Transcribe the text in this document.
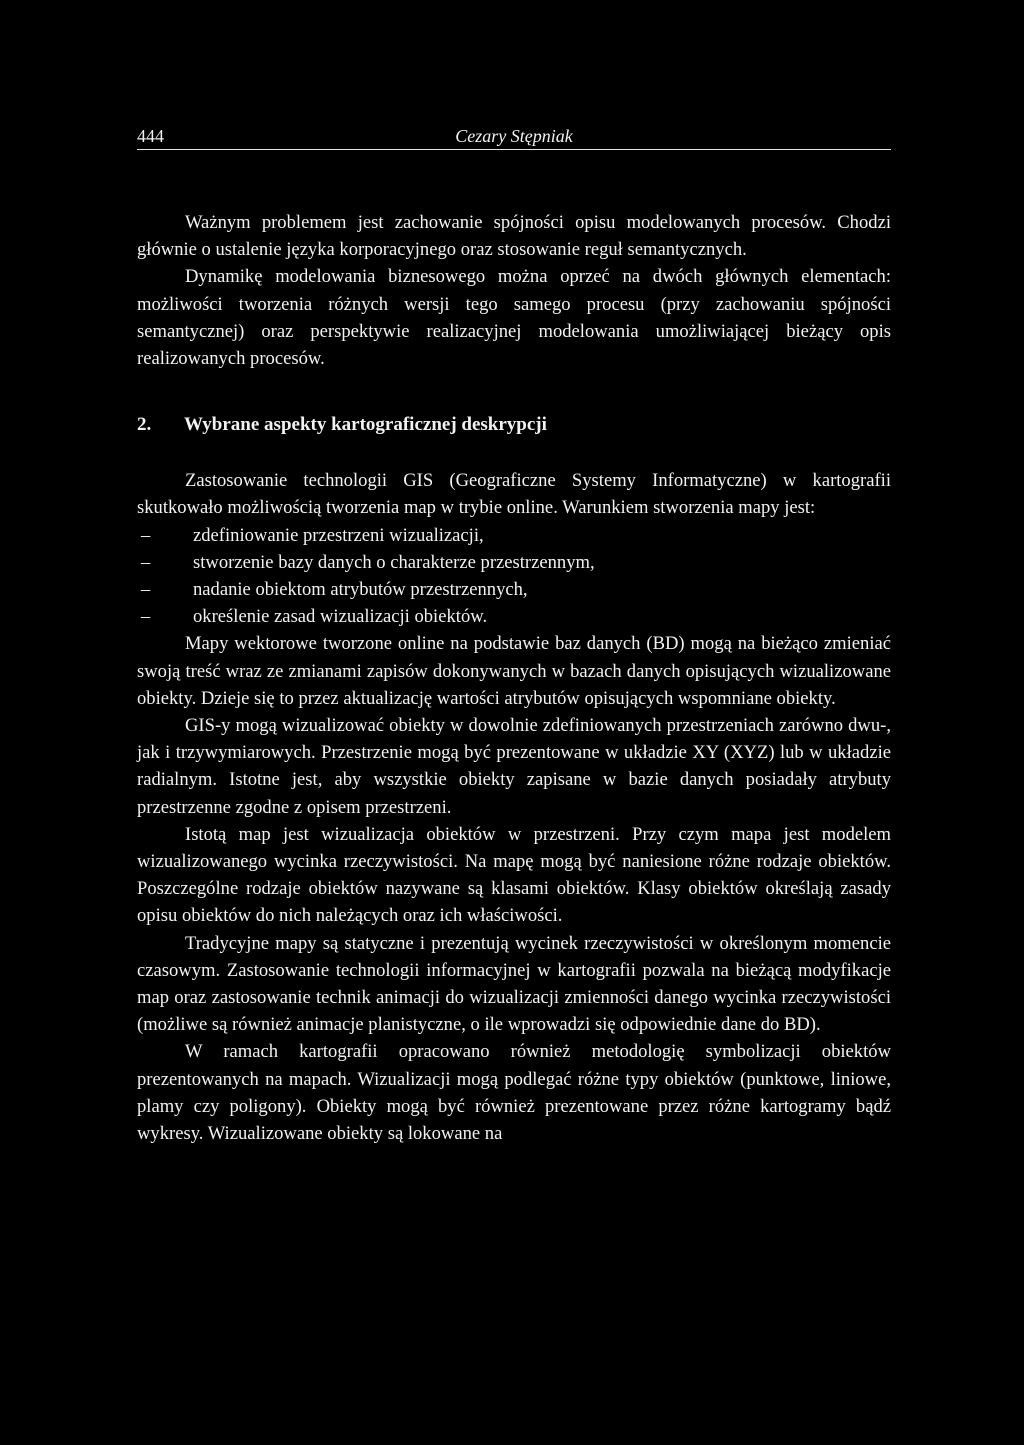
444	Cezary Stępniak

Ważnym problemem jest zachowanie spójności opisu modelowanych procesów. Chodzi głównie o ustalenie języka korporacyjnego oraz stosowanie reguł semantycznych.

Dynamikę modelowania biznesowego można oprzeć na dwóch głównych elementach: możliwości tworzenia różnych wersji tego samego procesu (przy zachowaniu spójności semantycznej) oraz perspektywie realizacyjnej modelowania umożliwiającej bieżący opis realizowanych procesów.

2. Wybrane aspekty kartograficznej deskrypcji

Zastosowanie technologii GIS (Geograficzne Systemy Informatyczne) w kartografii skutkowało możliwością tworzenia map w trybie online. Warunkiem stworzenia mapy jest:

– zdefiniowanie przestrzeni wizualizacji,
– stworzenie bazy danych o charakterze przestrzennym,
– nadanie obiektom atrybutów przestrzennych,
– określenie zasad wizualizacji obiektów.

Mapy wektorowe tworzone online na podstawie baz danych (BD) mogą na bieżąco zmieniać swoją treść wraz ze zmianami zapisów dokonywanych w bazach danych opisujących wizualizowane obiekty. Dzieje się to przez aktualizację wartości atrybutów opisujących wspomniane obiekty.

GIS-y mogą wizualizować obiekty w dowolnie zdefiniowanych przestrzeniach zarówno dwu-, jak i trzywymiarowych. Przestrzenie mogą być prezentowane w układzie XY (XYZ) lub w układzie radialnym. Istotne jest, aby wszystkie obiekty zapisane w bazie danych posiadały atrybuty przestrzenne zgodne z opisem przestrzeni.

Istotą map jest wizualizacja obiektów w przestrzeni. Przy czym mapa jest modelem wizualizowanego wycinka rzeczywistości. Na mapę mogą być naniesione różne rodzaje obiektów. Poszczególne rodzaje obiektów nazywane są klasami obiektów. Klasy obiektów określają zasady opisu obiektów do nich należących oraz ich właściwości.

Tradycyjne mapy są statyczne i prezentują wycinek rzeczywistości w określonym momencie czasowym. Zastosowanie technologii informacyjnej w kartografii pozwala na bieżącą modyfikacje map oraz zastosowanie technik animacji do wizualizacji zmienności danego wycinka rzeczywistości (możliwe są również animacje planistyczne, o ile wprowadzi się odpowiednie dane do BD).

W ramach kartografii opracowano również metodologię symbolizacji obiektów prezentowanych na mapach. Wizualizacji mogą podlegać różne typy obiektów (punktowe, liniowe, plamy czy poligony). Obiekty mogą być również prezentowane przez różne kartogramy bądź wykresy. Wizualizowane obiekty są lokowane na
